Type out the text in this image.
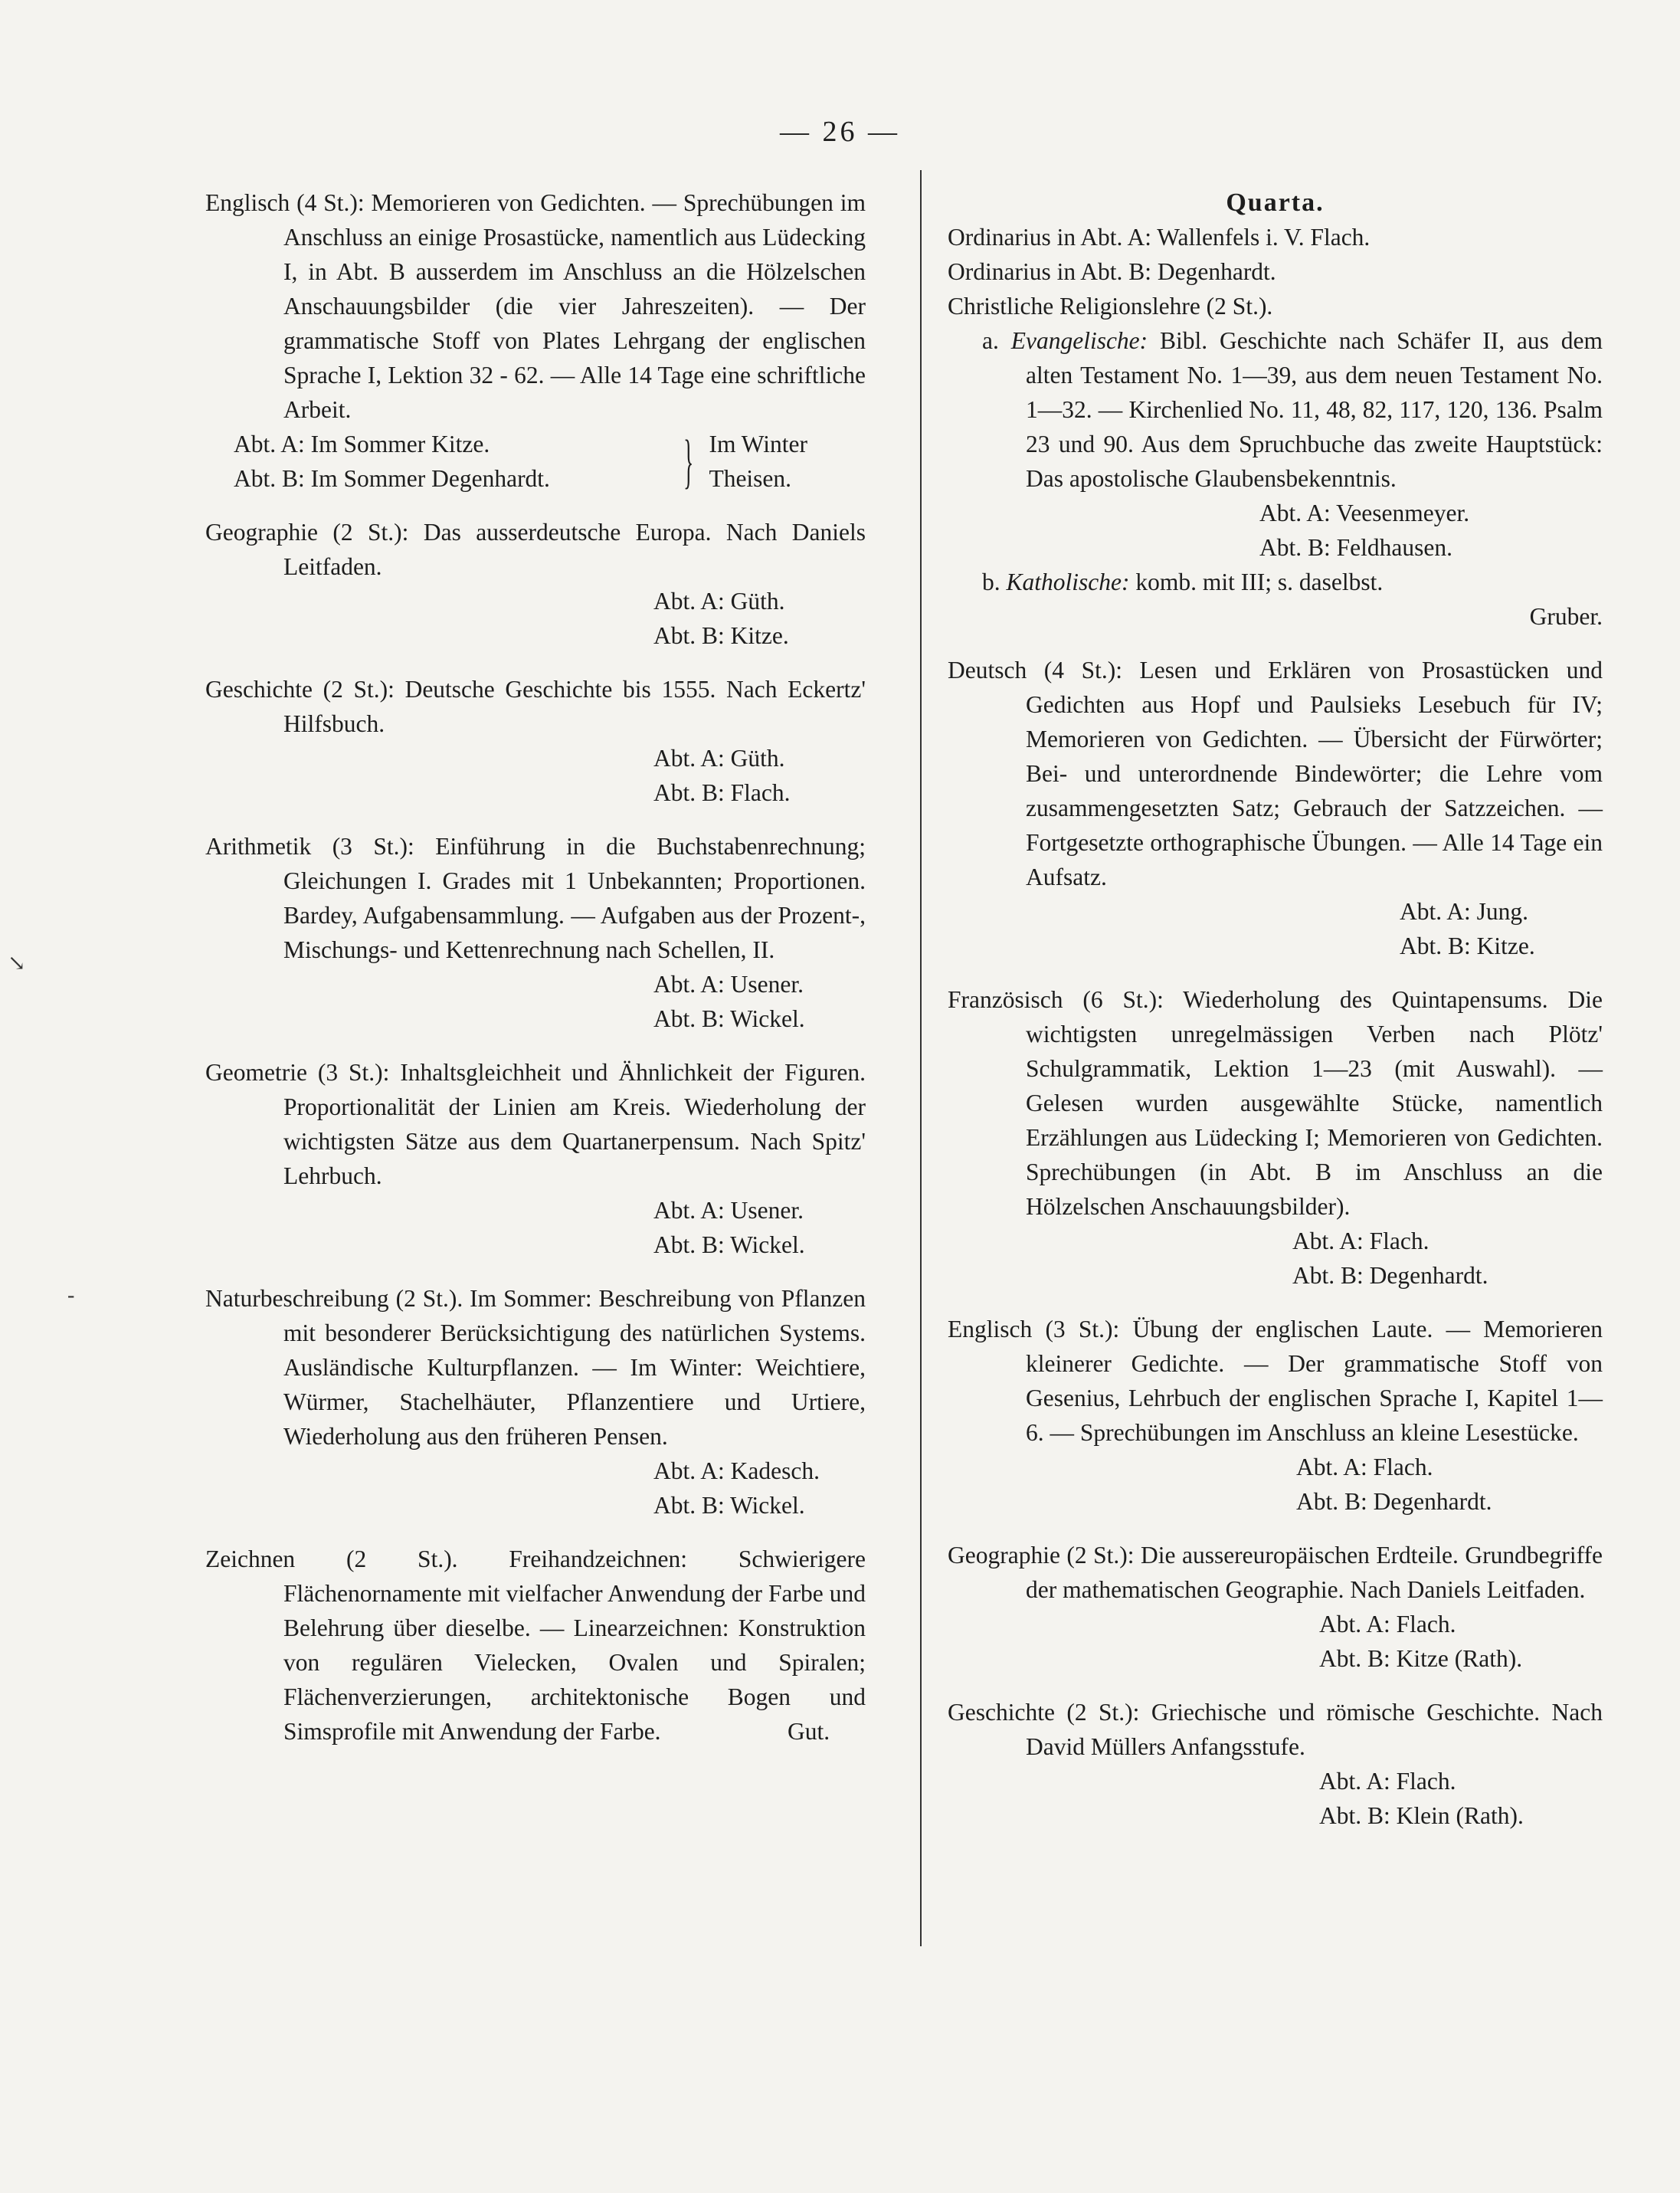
— 26 —
↘
-

Englisch (4 St.): Memorieren von Gedichten. — Sprechübungen im Anschluss an einige Prosastücke, namentlich aus Lüdecking I, in Abt. B ausserdem im Anschluss an die Hölzelschen Anschauungsbilder (die vier Jahreszeiten). — Der grammatische Stoff von Plates Lehrgang der englischen Sprache I, Lektion 32 - 62. — Alle 14 Tage eine schriftliche Arbeit.

Abt. A: Im Sommer Kitze.
Abt. B: Im Sommer Degenhardt.	} Im Winter
Theisen.

Geographie (2 St.): Das ausserdeutsche Europa. Nach Daniels Leitfaden.

Abt. A: Güth.

Abt. B: Kitze.

Geschichte (2 St.): Deutsche Geschichte bis 1555. Nach Eckertz' Hilfsbuch.

Abt. A: Güth.

Abt. B: Flach.

Arithmetik (3 St.): Einführung in die Buchstabenrechnung; Gleichungen I. Grades mit 1 Unbekannten; Proportionen. Bardey, Aufgabensammlung. — Aufgaben aus der Prozent-, Mischungs- und Kettenrechnung nach Schellen, II.

Abt. A: Usener.

Abt. B: Wickel.

Geometrie (3 St.): Inhaltsgleichheit und Ähnlichkeit der Figuren. Proportionalität der Linien am Kreis. Wiederholung der wichtigsten Sätze aus dem Quartanerpensum. Nach Spitz' Lehrbuch.

Abt. A: Usener.

Abt. B: Wickel.

Naturbeschreibung (2 St.). Im Sommer: Beschreibung von Pflanzen mit besonderer Berücksichtigung des natürlichen Systems. Ausländische Kulturpflanzen. — Im Winter: Weichtiere, Würmer, Stachelhäuter, Pflanzentiere und Urtiere, Wiederholung aus den früheren Pensen.

Abt. A: Kadesch.

Abt. B: Wickel.

Zeichnen (2 St.). Freihandzeichnen: Schwierigere Flächenornamente mit vielfacher Anwendung der Farbe und Belehrung über dieselbe. — Linearzeichnen: Konstruktion von regulären Vielecken, Ovalen und Spiralen; Flächenverzierungen, architektonische Bogen und Simsprofile mit Anwendung der Farbe.	Gut.

Quarta.

Ordinarius in Abt. A: Wallenfels i. V. Flach.

Ordinarius in Abt. B: Degenhardt.

Christliche Religionslehre (2 St.).

a. Evangelische: Bibl. Geschichte nach Schäfer II, aus dem alten Testament No. 1—39, aus dem neuen Testament No. 1—32. — Kirchenlied No. 11, 48, 82, 117, 120, 136. Psalm 23 und 90. Aus dem Spruchbuche das zweite Hauptstück: Das apostolische Glaubensbekenntnis.

Abt. A: Veesenmeyer.

Abt. B: Feldhausen.

b. Katholische: komb. mit III; s. daselbst.

Gruber.

Deutsch (4 St.): Lesen und Erklären von Prosastücken und Gedichten aus Hopf und Paulsieks Lesebuch für IV; Memorieren von Gedichten. — Übersicht der Fürwörter; Bei- und unterordnende Bindewörter; die Lehre vom zusammengesetzten Satz; Gebrauch der Satzzeichen. — Fortgesetzte orthographische Übungen. — Alle 14 Tage ein Aufsatz.

Abt. A: Jung.

Abt. B: Kitze.

Französisch (6 St.): Wiederholung des Quintapensums. Die wichtigsten unregelmässigen Verben nach Plötz' Schulgrammatik, Lektion 1—23 (mit Auswahl). — Gelesen wurden ausgewählte Stücke, namentlich Erzählungen aus Lüdecking I; Memorieren von Gedichten. Sprechübungen (in Abt. B im Anschluss an die Hölzelschen Anschauungsbilder).

Abt. A: Flach.

Abt. B: Degenhardt.

Englisch (3 St.): Übung der englischen Laute. — Memorieren kleinerer Gedichte. — Der grammatische Stoff von Gesenius, Lehrbuch der englischen Sprache I, Kapitel 1—6. — Sprechübungen im Anschluss an kleine Lesestücke.

Abt. A: Flach.

Abt. B: Degenhardt.

Geographie (2 St.): Die aussereuropäischen Erdteile. Grundbegriffe der mathematischen Geographie. Nach Daniels Leitfaden.

Abt. A: Flach.

Abt. B: Kitze (Rath).

Geschichte (2 St.): Griechische und römische Geschichte. Nach David Müllers Anfangsstufe.

Abt. A: Flach.

Abt. B: Klein (Rath).
